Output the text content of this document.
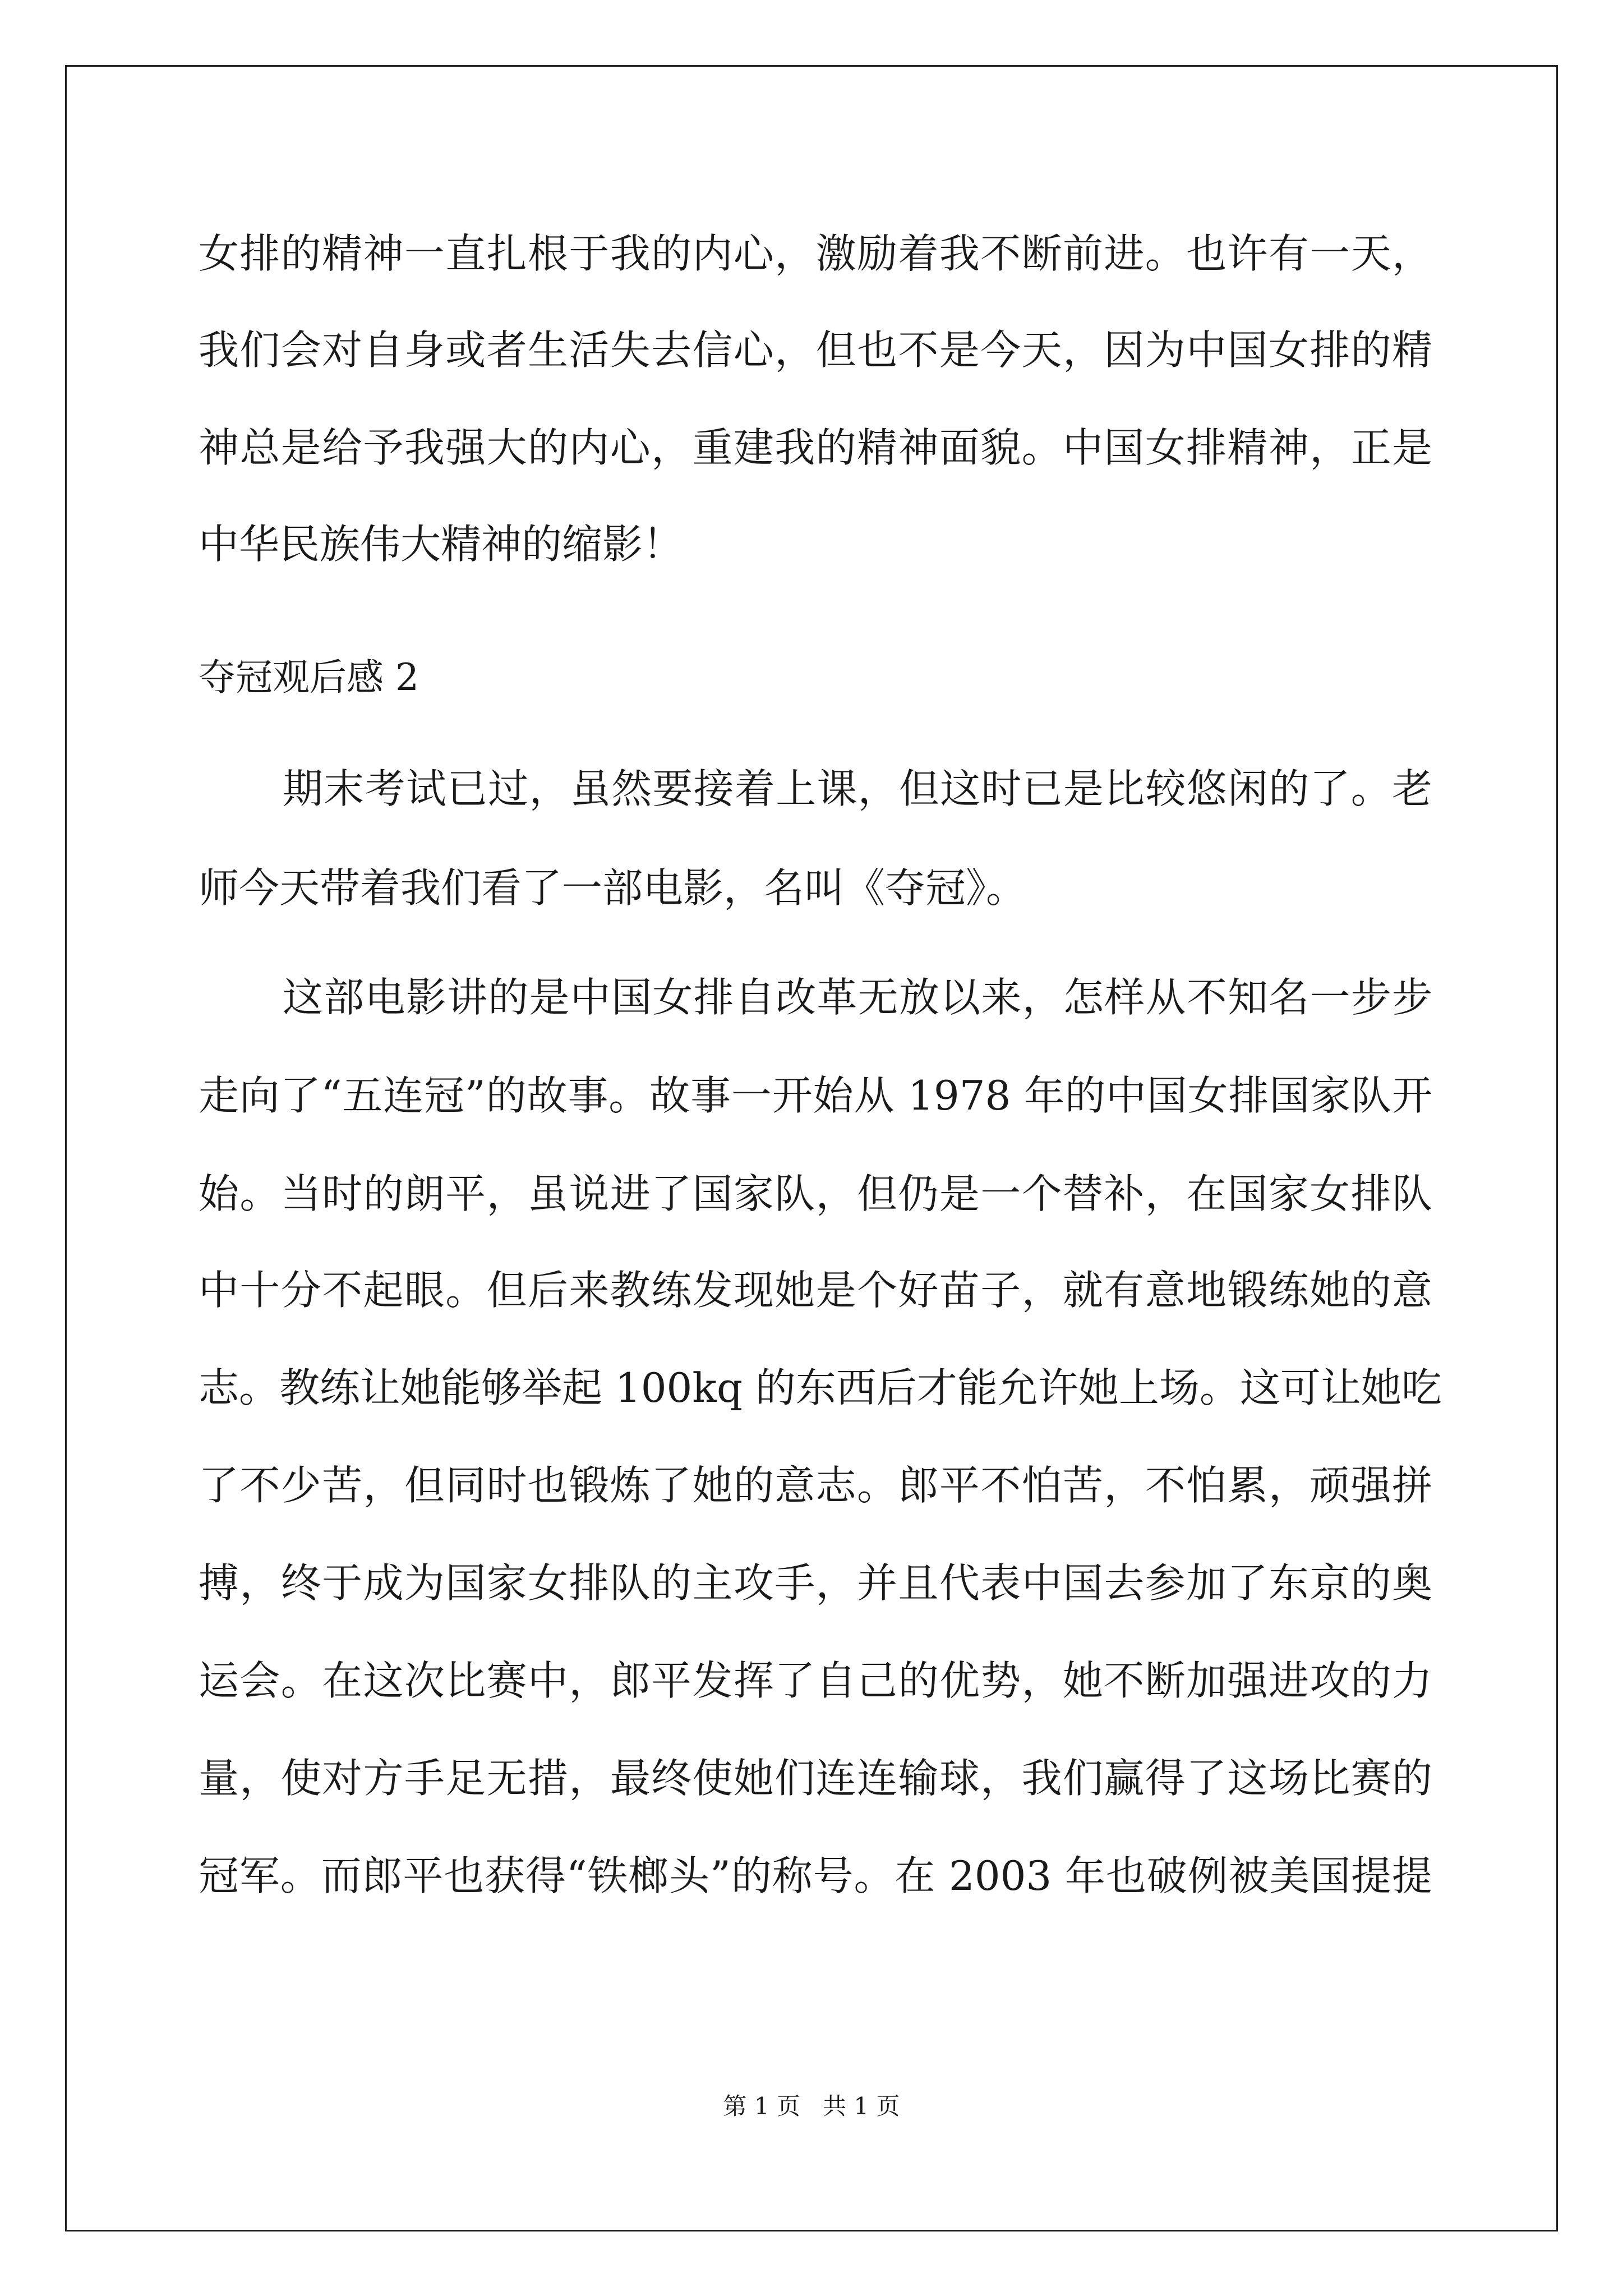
女排的精神一直扎根于我的内心，激励着我不断前进。也许有一天，
我们会对自身或者生活失去信心，但也不是今天，因为中国女排的精
神总是给予我强大的内心，重建我的精神面貌。中国女排精神，正是
中华民族伟大精神的缩影！
夺冠观后感 2
期末考试已过，虽然要接着上课，但这时已是比较悠闲的了。老
师今天带着我们看了一部电影，名叫《夺冠》。
这部电影讲的是中国女排自改革无放以来，怎样从不知名一步步
走向了“五连冠”的故事。故事一开始从 1978 年的中国女排国家队开
始。当时的朗平，虽说进了国家队，但仍是一个替补，在国家女排队
中十分不起眼。但后来教练发现她是个好苗子，就有意地锻练她的意
志。教练让她能够举起 100kq 的东西后才能允许她上场。这可让她吃
了不少苦，但同时也锻炼了她的意志。郎平不怕苦，不怕累，顽强拼
搏，终于成为国家女排队的主攻手，并且代表中国去参加了东京的奥
运会。在这次比赛中，郎平发挥了自己的优势，她不断加强进攻的力
量，使对方手足无措，最终使她们连连输球，我们赢得了这场比赛的
冠军。而郎平也获得“铁榔头”的称号。在 2003 年也破例被美国提提
第 1 页   共 1 页
